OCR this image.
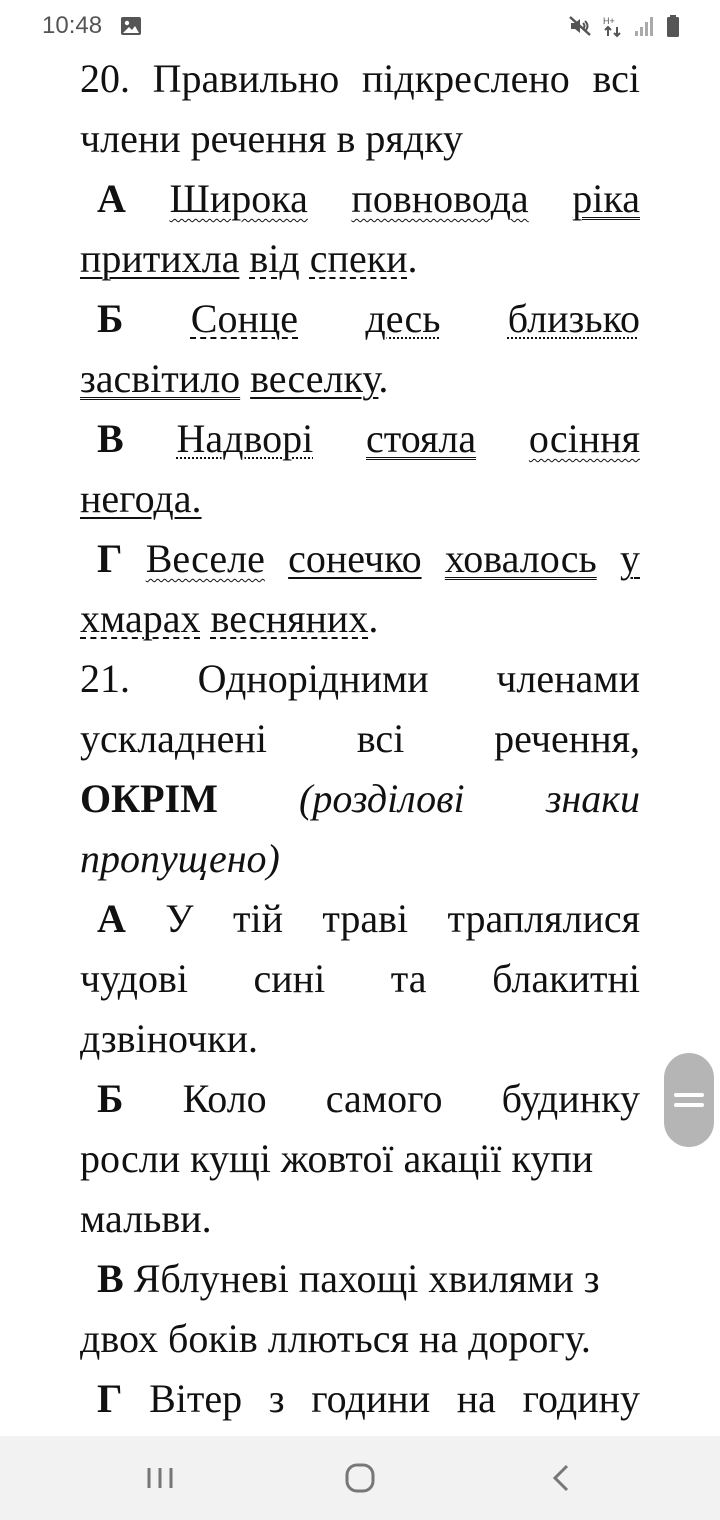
10:48
	H+

20. Правильно підкреслено всі
члени речення в рядку
А Широка повновода ріка
притихла від спеки.
Б Сонце десь близько
засвітило веселку.
В Надворі стояла осіння
негода.
Г Веселе сонечко ховалось у
хмарах весняних.
21. Однорідними членами
ускладнені всі речення,
ОКРІМ (розділові знаки
пропущено)
А У тій траві траплялися
чудові сині та блакитні
дзвіночки.
Б Коло самого будинку
росли кущі жовтої акації купи
мальви.
В Яблуневі пахощі хвилями з
двох боків ллються на дорогу.
Г Вітер з години на годину
